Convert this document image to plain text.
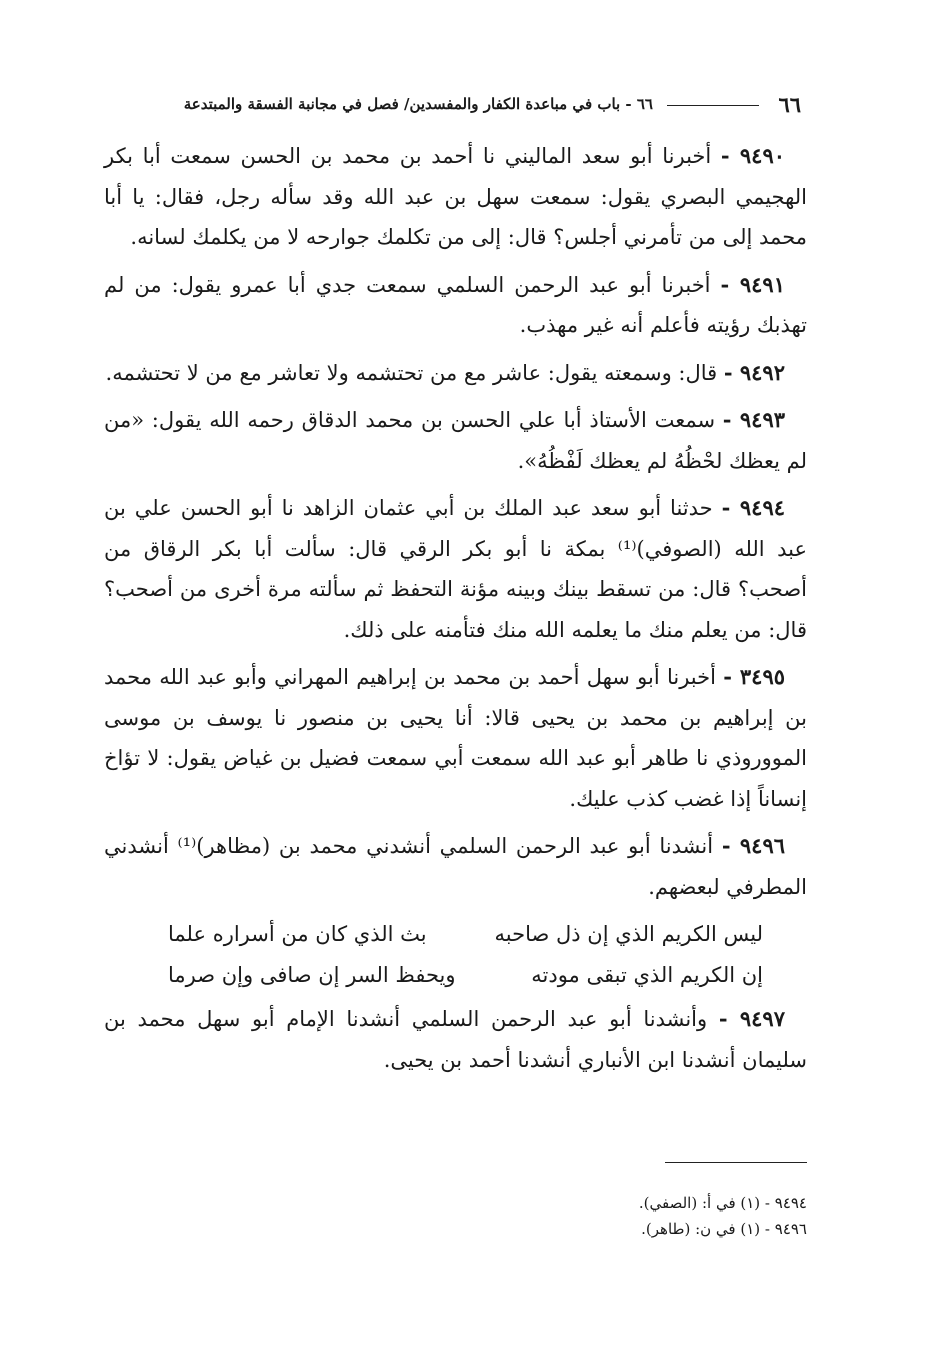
٦٦
٦٦ - باب في مباعدة الكفار والمفسدين/ فصل في مجانبة الفسقة والمبتدعة

٩٤٩٠ - أخبرنا أبو سعد الماليني نا أحمد بن محمد بن الحسن سمعت أبا بكر الهجيمي البصري يقول: سمعت سهل بن عبد الله وقد سأله رجل، فقال: يا أبا محمد إلى من تأمرني أجلس؟ قال: إلى من تكلمك جوارحه لا من يكلمك لسانه.

٩٤٩١ - أخبرنا أبو عبد الرحمن السلمي سمعت جدي أبا عمرو يقول: من لم تهذبك رؤيته فأعلم أنه غير مهذب.

٩٤٩٢ - قال: وسمعته يقول: عاشر مع من تحتشمه ولا تعاشر مع من لا تحتشمه.

٩٤٩٣ - سمعت الأستاذ أبا علي الحسن بن محمد الدقاق رحمه الله يقول: «من لم يعظك لحْظُهُ لم يعظك لَفْظُهُ».

٩٤٩٤ - حدثنا أبو سعد عبد الملك بن أبي عثمان الزاهد نا أبو الحسن علي بن عبد الله (الصوفي)⁽¹⁾ بمكة نا أبو بكر الرقي قال: سألت أبا بكر الرقاق من أصحب؟ قال: من تسقط بينك وبينه مؤنة التحفظ ثم سألته مرة أخرى من أصحب؟ قال: من يعلم منك ما يعلمه الله منك فتأمنه على ذلك.

٣٤٩٥ - أخبرنا أبو سهل أحمد بن محمد بن إبراهيم المهراني وأبو عبد الله محمد بن إبراهيم بن محمد بن يحيى قالا: أنا يحيى بن منصور نا يوسف بن موسى المووروذي نا طاهر أبو عبد الله سمعت أبي سمعت فضيل بن غياض يقول: لا تؤاخ إنساناً إذا غضب كذب عليك.

٩٤٩٦ - أنشدنا أبو عبد الرحمن السلمي أنشدني محمد بن (مظاهر)⁽¹⁾ أنشدني المطرفي لبعضهم.

ليس الكريم الذي إن ذل صاحبه
بث الذي كان من أسراره علما
إن الكريم الذي تبقى مودته
ويحفظ السر إن صافى وإن صرما

٩٤٩٧ - وأنشدنا أبو عبد الرحمن السلمي أنشدنا الإمام أبو سهل محمد بن سليمان أنشدنا ابن الأنباري أنشدنا أحمد بن يحيى.

٩٤٩٤ - (١) في أ: (الصفي).
٩٤٩٦ - (١) في ن: (طاهر).
